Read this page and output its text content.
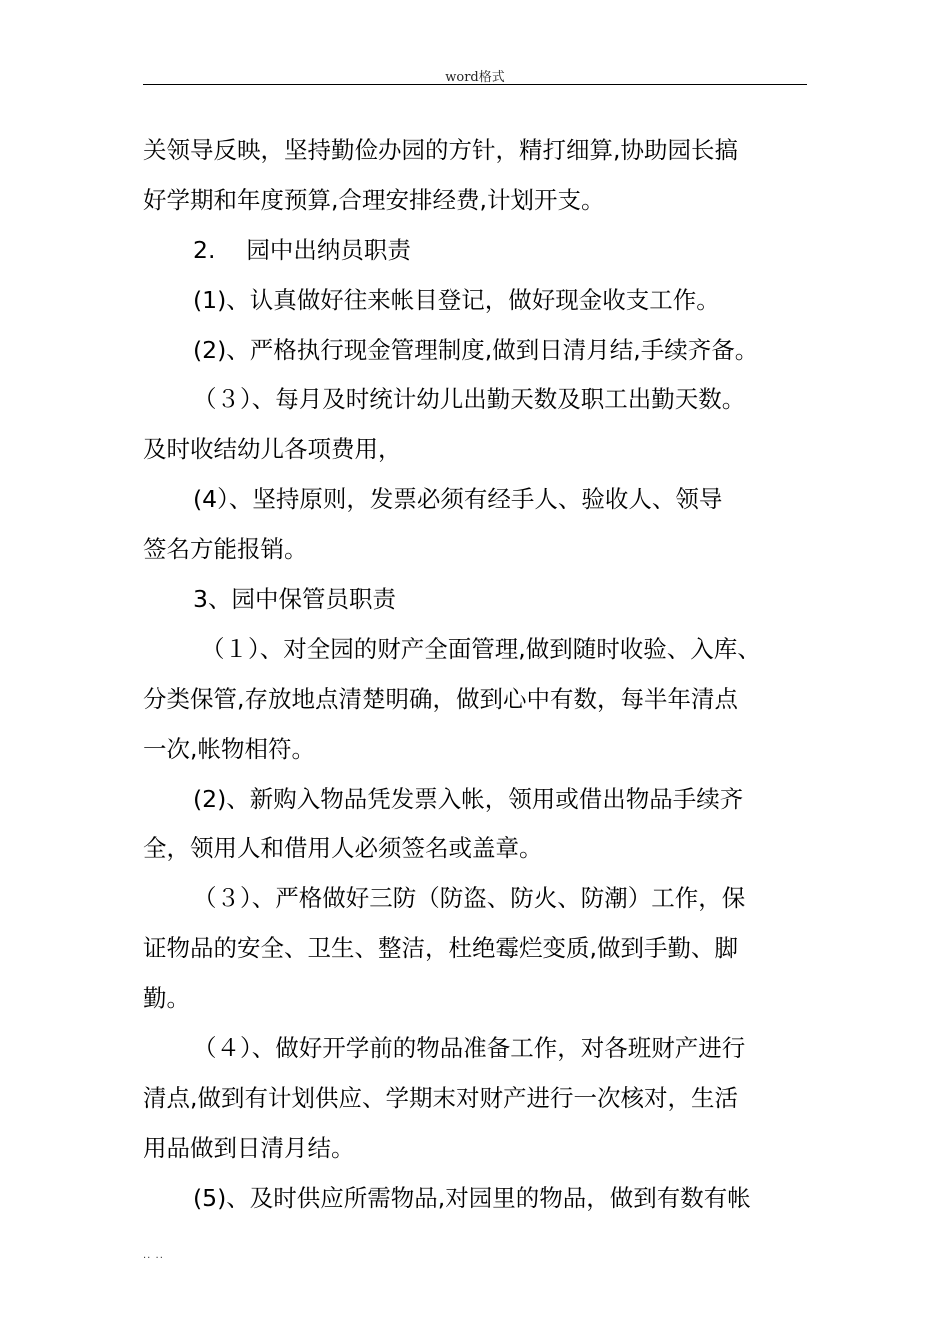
word格式
关领导反映，坚持勤俭办园的方针，精打细算,协助园长搞
好学期和年度预算,合理安排经费,计划开支。
2.　 园中出纳员职责
(1)、认真做好往来帐目登记，做好现金收支工作。
(2)、严格执行现金管理制度,做到日清月结,手续齐备。
（３）、每月及时统计幼儿出勤天数及职工出勤天数。
及时收结幼儿各项费用，
(4）、坚持原则，发票必须有经手人、验收人、领导
签名方能报销。
3、园中保管员职责
（１）、对全园的财产全面管理,做到随时收验、入库、
分类保管,存放地点清楚明确，做到心中有数，每半年清点
一次,帐物相符。
(2)、新购入物品凭发票入帐，领用或借出物品手续齐
全，领用人和借用人必须签名或盖章。
（３）、严格做好三防（防盗、防火、防潮）工作，保
证物品的安全、卫生、整洁，杜绝霉烂变质,做到手勤、脚
勤。
（４）、做好开学前的物品准备工作，对各班财产进行
清点,做到有计划供应、学期末对财产进行一次核对，生活
用品做到日清月结。
(5)、及时供应所需物品,对园里的物品，做到有数有帐
.. ..
